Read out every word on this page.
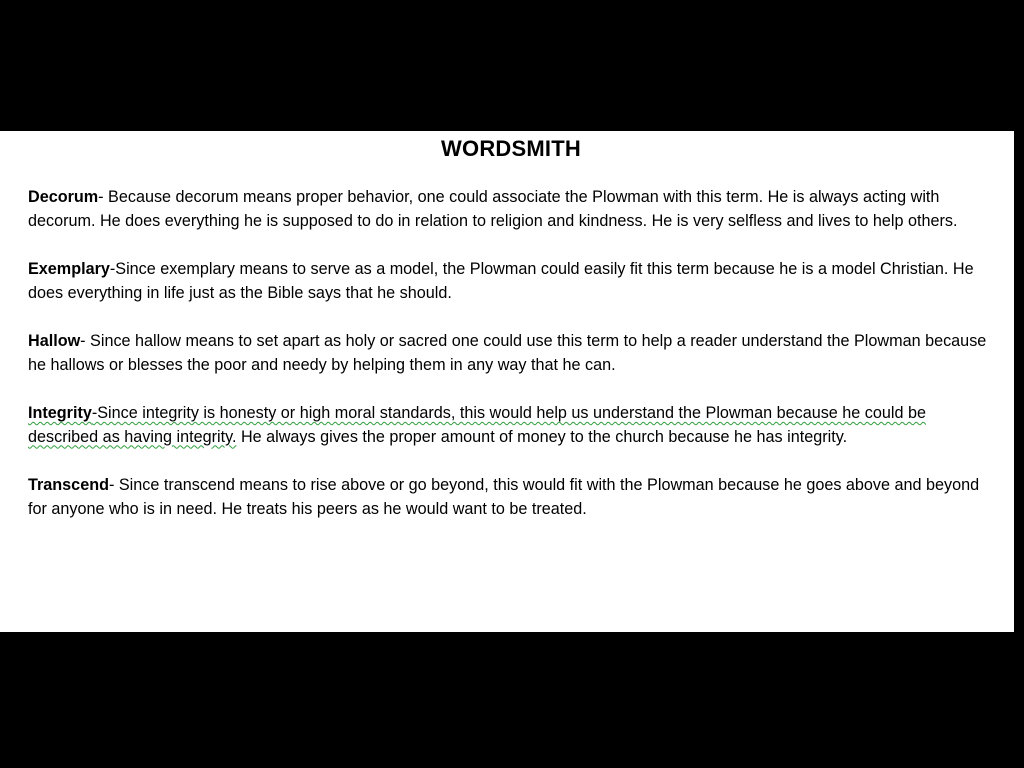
WORDSMITH
Decorum- Because decorum means proper behavior, one could associate the Plowman with this term. He is always acting with decorum. He does everything he is supposed to do in relation to religion and kindness. He is very selfless and lives to help others.
Exemplary-Since exemplary means to serve as a model, the Plowman could easily fit this term because he is a model Christian. He does everything in life just as the Bible says that he should.
Hallow- Since hallow means to set apart as holy or sacred one could use this term to help a reader understand the Plowman because he hallows or blesses the poor and needy by helping them in any way that he can.
Integrity-Since integrity is honesty or high moral standards, this would help us understand the Plowman because he could be described as having integrity. He always gives the proper amount of money to the church because he has integrity.
Transcend- Since transcend means to rise above or go beyond, this would fit with the Plowman because he goes above and beyond for anyone who is in need. He treats his peers as he would want to be treated.
